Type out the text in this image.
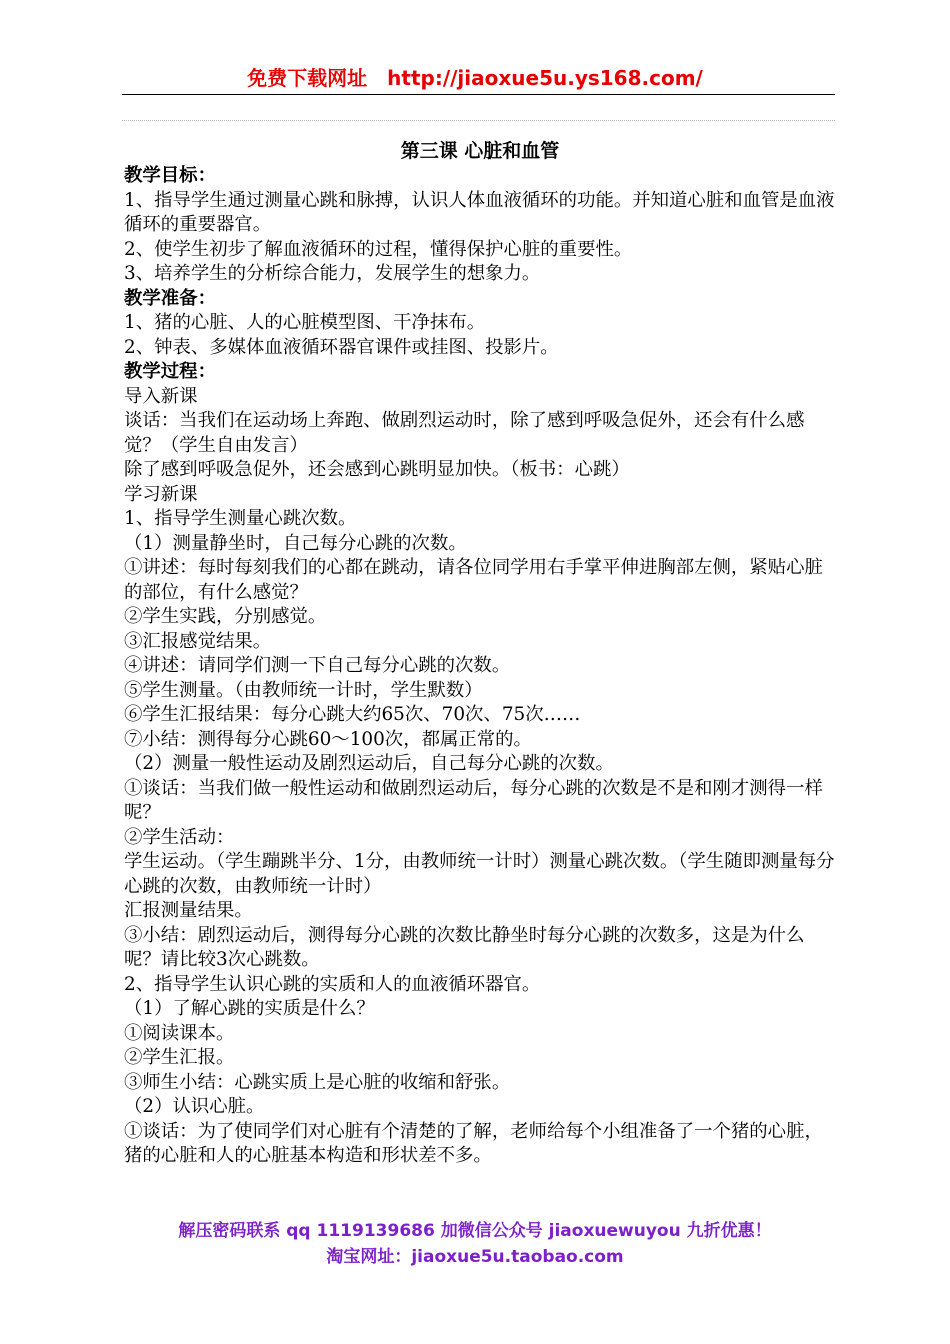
免费下载网址 http://jiaoxue5u.ys168.com/

第三课 心脏和血管

教学目标：

1、指导学生通过测量心跳和脉搏，认识人体血液循环的功能。并知道心脏和血管是血液循环的重要器官。

2、使学生初步了解血液循环的过程，懂得保护心脏的重要性。

3、培养学生的分析综合能力，发展学生的想象力。

教学准备：

1、猪的心脏、人的心脏模型图、干净抹布。

2、钟表、多媒体血液循环器官课件或挂图、投影片。

教学过程：

导入新课

谈话：当我们在运动场上奔跑、做剧烈运动时，除了感到呼吸急促外，还会有什么感觉？（学生自由发言）

除了感到呼吸急促外，还会感到心跳明显加快。（板书：心跳）

学习新课

1、指导学生测量心跳次数。

（1）测量静坐时，自己每分心跳的次数。

①讲述：每时每刻我们的心都在跳动，请各位同学用右手掌平伸进胸部左侧，紧贴心脏的部位，有什么感觉？

②学生实践，分别感觉。

③汇报感觉结果。

④讲述：请同学们测一下自己每分心跳的次数。

⑤学生测量。（由教师统一计时，学生默数）

⑥学生汇报结果：每分心跳大约65次、70次、75次……

⑦小结：测得每分心跳60～100次，都属正常的。

（2）测量一般性运动及剧烈运动后，自己每分心跳的次数。

①谈话：当我们做一般性运动和做剧烈运动后，每分心跳的次数是不是和刚才测得一样呢？

②学生活动：

学生运动。（学生蹦跳半分、1分，由教师统一计时）测量心跳次数。（学生随即测量每分心跳的次数，由教师统一计时）

汇报测量结果。

③小结：剧烈运动后，测得每分心跳的次数比静坐时每分心跳的次数多，这是为什么呢？请比较3次心跳数。

2、指导学生认识心跳的实质和人的血液循环器官。

（1）了解心跳的实质是什么？

①阅读课本。

②学生汇报。

③师生小结：心跳实质上是心脏的收缩和舒张。

（2）认识心脏。

①谈话：为了使同学们对心脏有个清楚的了解，老师给每个小组准备了一个猪的心脏，猪的心脏和人的心脏基本构造和形状差不多。

解压密码联系 qq 1119139686 加微信公众号 jiaoxuewuyou 九折优惠！
淘宝网址：jiaoxue5u.taobao.com
